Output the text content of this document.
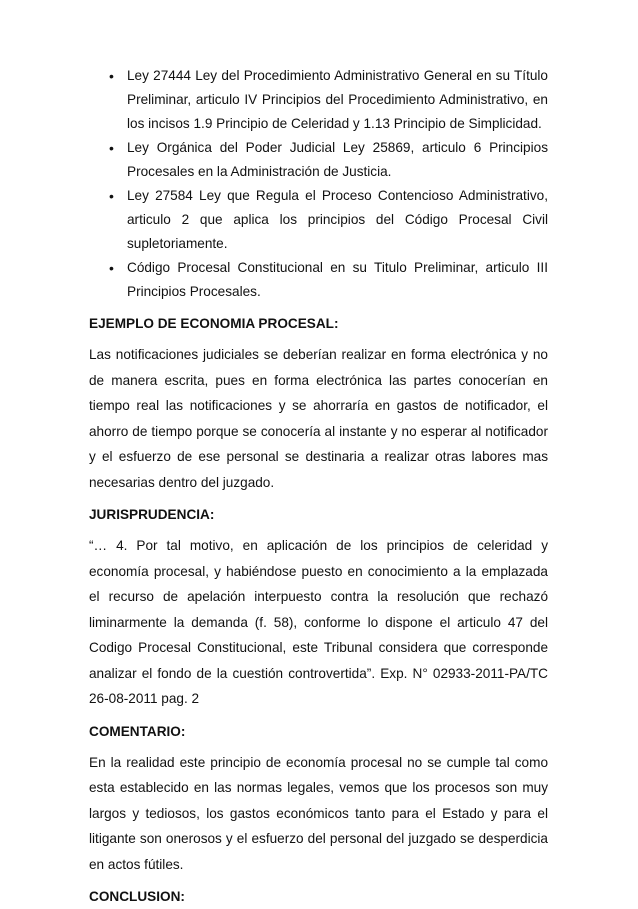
• Ley 27444 Ley del Procedimiento Administrativo General en su Título Preliminar, articulo IV Principios del Procedimiento Administrativo, en los incisos 1.9 Principio de Celeridad y 1.13 Principio de Simplicidad.
• Ley Orgánica del Poder Judicial Ley 25869, articulo 6 Principios Procesales en la Administración de Justicia.
• Ley 27584 Ley que Regula el Proceso Contencioso Administrativo, articulo 2 que aplica los principios del Código Procesal Civil supletoriamente.
• Código Procesal Constitucional en su Titulo Preliminar, articulo III Principios Procesales.
EJEMPLO DE ECONOMIA PROCESAL:

Las notificaciones judiciales se deberían realizar en forma electrónica y no de manera escrita, pues en forma electrónica las partes conocerían en tiempo real las notificaciones y se ahorraría en gastos de notificador, el ahorro de tiempo porque se conocería al instante y no esperar al notificador y el esfuerzo de ese personal se destinaria a realizar otras labores mas necesarias dentro del juzgado.

JURISPRUDENCIA:

“… 4. Por tal motivo, en aplicación de los principios de celeridad y economía procesal, y habiéndose puesto en conocimiento a la emplazada el recurso de apelación interpuesto contra la resolución que rechazó liminarmente la demanda (f. 58), conforme lo dispone el articulo 47 del Codigo Procesal Constitucional, este Tribunal considera que corresponde analizar el fondo de la cuestión controvertida”. Exp. N° 02933-2011-PA/TC 26-08-2011 pag. 2

COMENTARIO:

En la realidad este principio de economía procesal no se cumple tal como esta establecido en las normas legales, vemos que los procesos son muy largos y tediosos, los gastos económicos tanto para el Estado y para el litigante son onerosos y el esfuerzo del personal del juzgado se desperdicia en actos fútiles.

CONCLUSION:
